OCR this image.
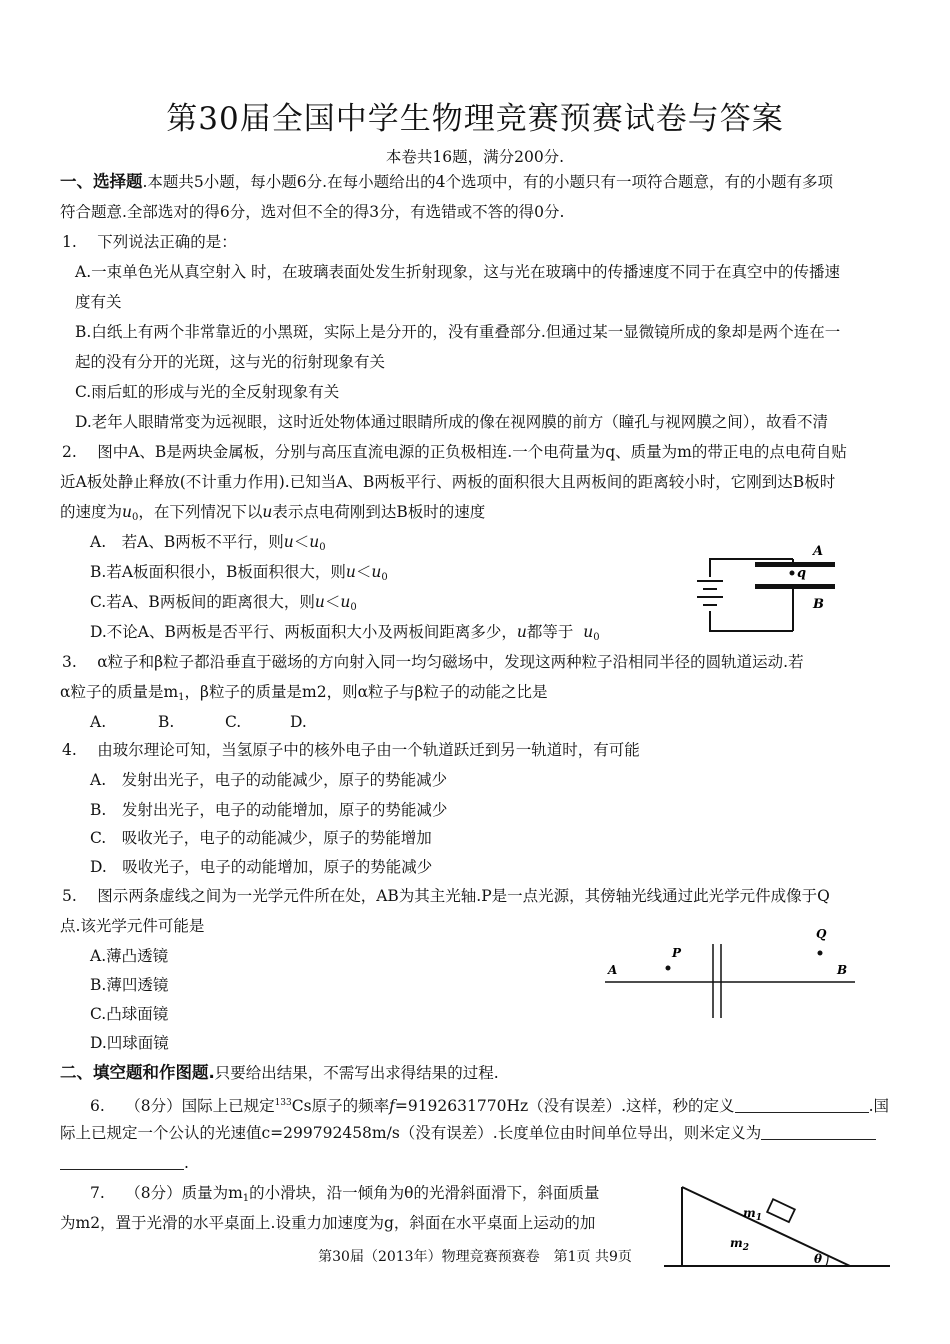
第30届全国中学生物理竞赛预赛试卷与答案
本卷共16题，满分200分.
一、选择题.本题共5小题，每小题6分.在每小题给出的4个选项中，有的小题只有一项符合题意，有的小题有多项
符合题意.全部选对的得6分，选对但不全的得3分，有选错或不答的得0分.
1.　 下列说法正确的是：
A.一束单色光从真空射入 时，在玻璃表面处发生折射现象，这与光在玻璃中的传播速度不同于在真空中的传播速
度有关
B.白纸上有两个非常靠近的小黑斑，实际上是分开的，没有重叠部分.但通过某一显微镜所成的象却是两个连在一
起的没有分开的光斑，这与光的衍射现象有关
C.雨后虹的形成与光的全反射现象有关
D.老年人眼睛常变为远视眼，这时近处物体通过眼睛所成的像在视网膜的前方（瞳孔与视网膜之间），故看不清
2.　 图中A、B是两块金属板，分别与高压直流电源的正负极相连.一个电荷量为q、质量为m的带正电的点电荷自贴
近A板处静止释放(不计重力作用).已知当A、B两板平行、两板的面积很大且两板间的距离较小时，它刚到达B板时
的速度为$u_0$，在下列情况下以u表示点电荷刚到达B板时的速度
A.　若A、B两板不平行，则$u<u_0$
B.若A板面积很小，B板面积很大，则$u<u_0$
C.若A、B两板间的距离很大，则$u<u_0$
D.不论A、B两板是否平行、两板面积大小及两板间距离多少，u都等于 $u_0$
A
q
B
3.　 α粒子和β粒子都沿垂直于磁场的方向射入同一均匀磁场中，发现这两种粒子沿相同半径的圆轨道运动.若
α粒子的质量是$m_1$，β粒子的质量是m2，则α粒子与β粒子的动能之比是
A.	B.	C.	D.
4.　 由玻尔理论可知，当氢原子中的核外电子由一个轨道跃迁到另一轨道时，有可能
A.　发射出光子，电子的动能减少，原子的势能减少
B.　发射出光子，电子的动能增加，原子的势能减少
C.　吸收光子，电子的动能减少，原子的势能增加
D.　吸收光子，电子的动能增加，原子的势能减少
5.　 图示两条虚线之间为一光学元件所在处，AB为其主光轴.P是一点光源，其傍轴光线通过此光学元件成像于Q
点.该光学元件可能是
A.薄凸透镜
B.薄凹透镜
C.凸球面镜
D.凹球面镜
A	B
P
Q
二、填空题和作图题.只要给出结果，不需写出求得结果的过程.
6.　 （8分）国际上已规定$^{133}$Cs原子的频率f=9192631770Hz（没有误差）.这样，秒的定义	.国
际上已规定一个公认的光速值c=299792458m/s（没有误差）.长度单位由时间单位导出，则米定义为
.
7.　 （8分）质量为$m_1$的小滑块，沿一倾角为θ的光滑斜面滑下，斜面质量
为m2，置于光滑的水平桌面上.设重力加速度为g，斜面在水平桌面上运动的加
$m_1$
$m_2$
θ
第30届（2013年）物理竞赛预赛卷　第1页 共9页
